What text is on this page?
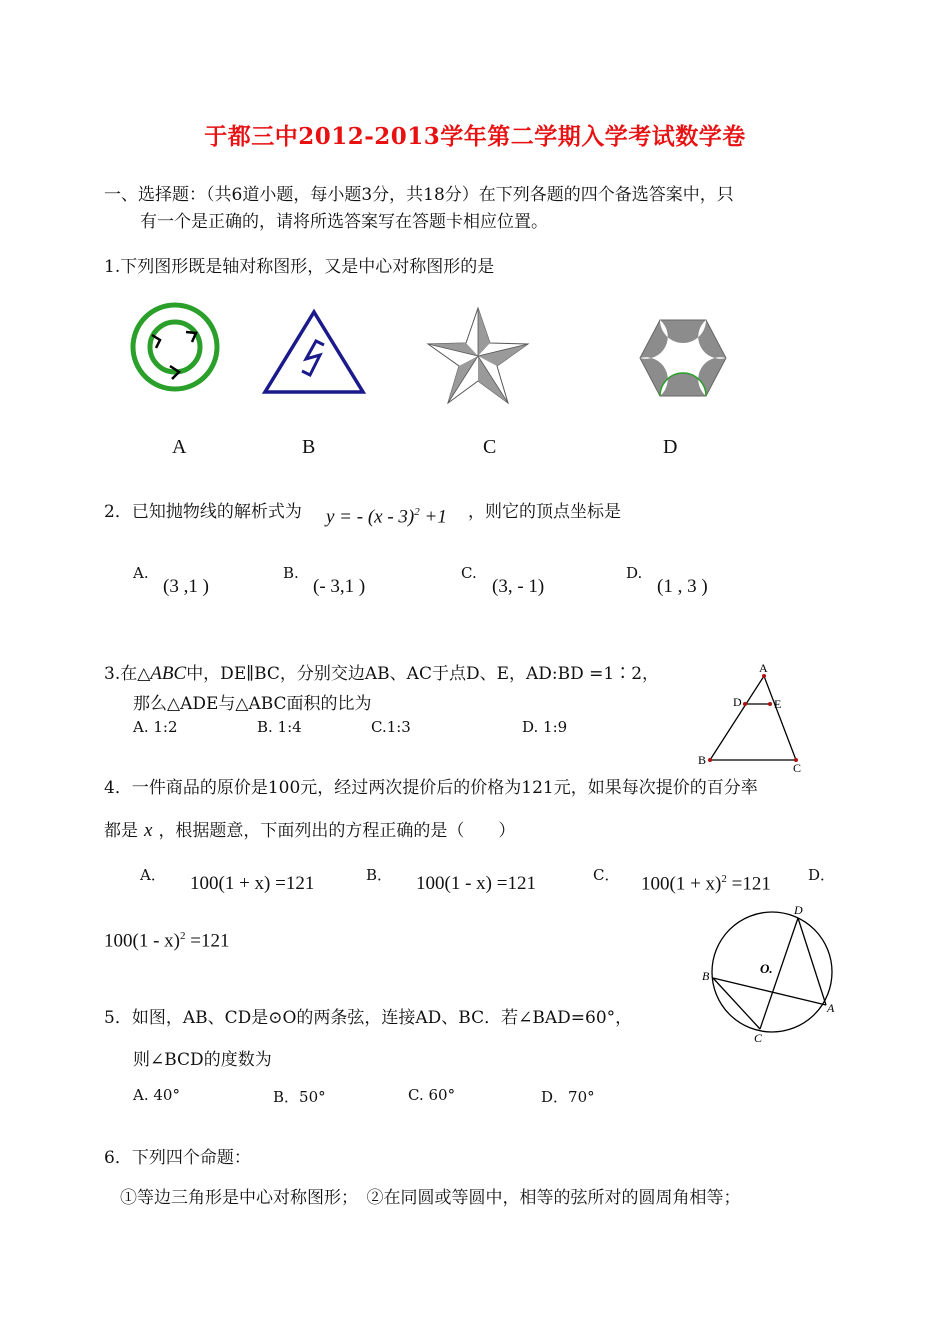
于都三中2012-2013学年第二学期入学考试数学卷
一、选择题：（共6道小题，每小题3分，共18分）在下列各题的四个备选答案中，只
有一个是正确的，请将所选答案写在答题卡相应位置。
1.下列图形既是轴对称图形，又是中心对称图形的是
A	B	C	D
2．已知抛物线的解析式为 y = - (x - 3)$^2$ +1 ，则它的顶点坐标是
A.
(3 ,1 )
B.
(- 3,1 )
C.
(3, - 1)
D.
(1 , 3 )
3.在△ABC中，DE∥BC，分别交边AB、AC于点D、E，AD:BD =1∶2，
那么△ADE与△ABC面积的比为
A. 1:2	B. 1:4	C.1:3	D. 1:9
A
D	E
B
C
4．一件商品的原价是100元，经过两次提价后的价格为121元，如果每次提价的百分率
都是 x ，根据题意，下面列出的方程正确的是（　　）
A． 100(1 + x) =121	B． 100(1 - x) =121	C． $100(1 + x)^2 =121$ D．
100(1 - x)$^2$ =121
5．如图，AB、CD是⊙O的两条弦，连接AD、BC．若∠BAD=60°，
则∠BCD的度数为
A. 40°	B．50°	C. 60°	D．70°
D
O.
B
A
C
6．下列四个命题：
①等边三角形是中心对称图形；　②在同圆或等圆中，相等的弦所对的圆周角相等；
